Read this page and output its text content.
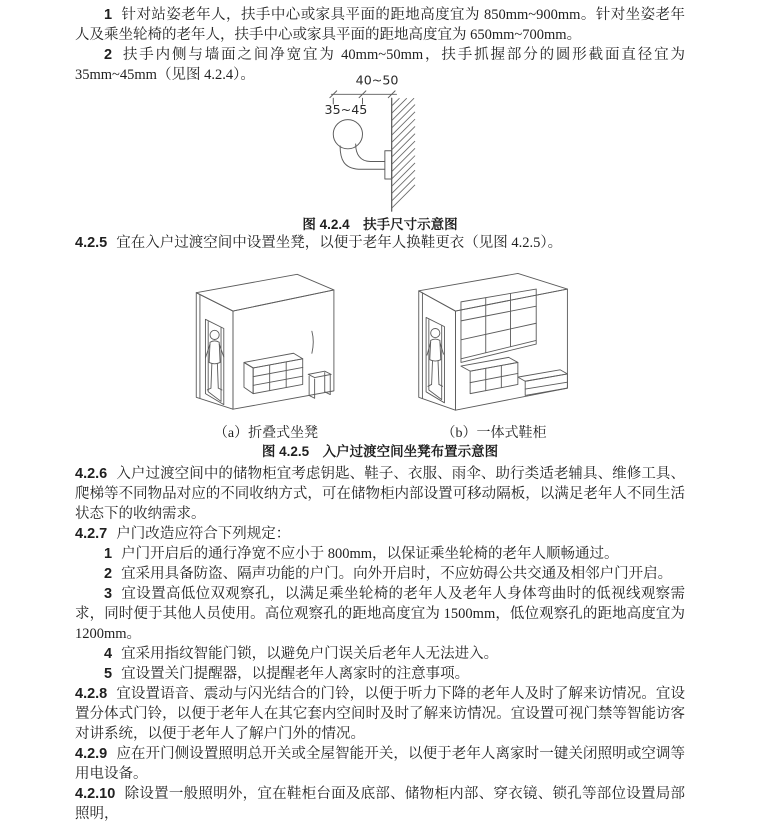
1 针对站姿老年人，扶手中心或家具平面的距地高度宜为 850mm~900mm。针对坐姿老年人及乘坐轮椅的老年人，扶手中心或家具平面的距地高度宜为 650mm~700mm。

2 扶手内侧与墙面之间净宽宜为 40mm~50mm，扶手抓握部分的圆形截面直径宜为 35mm~45mm（见图 4.2.4）。	40~50
35~45
图 4.2.4　扶手尺寸示意图

4.2.5 宜在入户过渡空间中设置坐凳，以便于老年人换鞋更衣（见图 4.2.5）。

（a）折叠式坐凳	（b）一体式鞋柜
图 4.2.5　入户过渡空间坐凳布置示意图

4.2.6 入户过渡空间中的储物柜宜考虑钥匙、鞋子、衣服、雨伞、助行类适老辅具、维修工具、爬梯等不同物品对应的不同收纳方式，可在储物柜内部设置可移动隔板，以满足老年人不同生活状态下的收纳需求。

4.2.7 户门改造应符合下列规定：

1 户门开启后的通行净宽不应小于 800mm，以保证乘坐轮椅的老年人顺畅通过。

2 宜采用具备防盗、隔声功能的户门。向外开启时，不应妨碍公共交通及相邻户门开启。

3 宜设置高低位双观察孔，以满足乘坐轮椅的老年人及老年人身体弯曲时的低视线观察需求，同时便于其他人员使用。高位观察孔的距地高度宜为 1500mm，低位观察孔的距地高度宜为 1200mm。

4 宜采用指纹智能门锁，以避免户门误关后老年人无法进入。

5 宜设置关门提醒器，以提醒老年人离家时的注意事项。

4.2.8 宜设置语音、震动与闪光结合的门铃，以便于听力下降的老年人及时了解来访情况。宜设置分体式门铃，以便于老年人在其它套内空间时及时了解来访情况。宜设置可视门禁等智能访客对讲系统，以便于老年人了解户门外的情况。

4.2.9 应在开门侧设置照明总开关或全屋智能开关，以便于老年人离家时一键关闭照明或空调等用电设备。

4.2.10 除设置一般照明外，宜在鞋柜台面及底部、储物柜内部、穿衣镜、锁孔等部位设置局部照明，
